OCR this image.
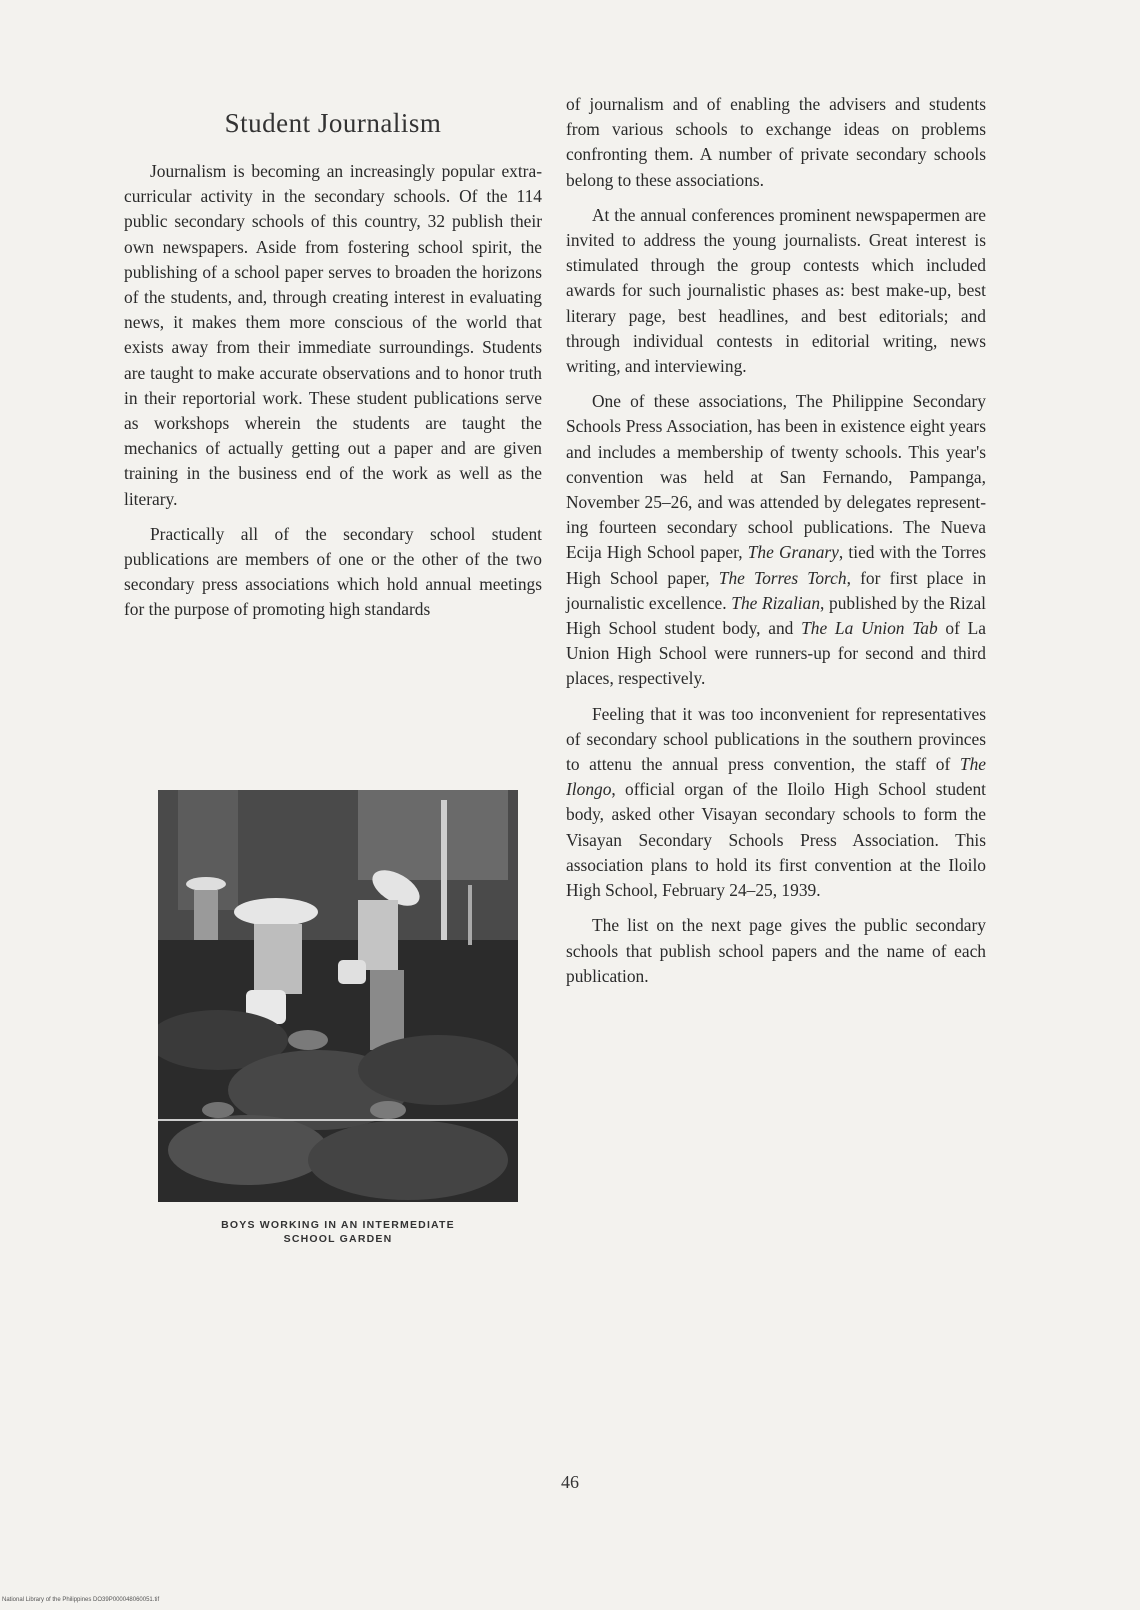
Student Journalism

Journalism is becoming an increasingly popular extra-curricular activity in the secondary schools. Of the 114 public secondary schools of this country, 32 publish their own newspapers. Aside from fostering school spirit, the publishing of a school paper serves to broaden the horizons of the students, and, through creating interest in evaluating news, it makes them more conscious of the world that exists away from their immediate surroundings. Students are taught to make accurate observations and to honor truth in their reportorial work. These student publications serve as workshops wherein the students are taught the mechanics of actually getting out a paper and are given training in the business end of the work as well as the literary.

Practically all of the secondary school student publications are members of one or the other of the two secondary press associations which hold annual meetings for the purpose of promoting high standards

of journalism and of enabling the advisers and students from various schools to exchange ideas on problems confronting them. A number of private secondary schools belong to these associations.

At the annual conferences prominent newspapermen are invited to address the young journalists. Great interest is stimulated through the group contests which included awards for such journalistic phases as: best make-up, best literary page, best headlines, and best editorials; and through individual contests in editorial writing, news writing, and interviewing.

One of these associations, The Philippine Secondary Schools Press Association, has been in existence eight years and includes a membership of twenty schools. This year's convention was held at San Fernando, Pampanga, November 25–26, and was attended by delegates representing fourteen secondary school publications. The Nueva Ecija High School paper, The Granary, tied with the Torres High School paper, The Torres Torch, for first place in journalistic excellence. The Rizalian, published by the Rizal High School student body, and The La Union Tab of La Union High School were runners-up for second and third places, respectively.

Feeling that it was too inconvenient for representatives of secondary school publications in the southern provinces to attenu the annual press convention, the staff of The Ilongo, official organ of the Iloilo High School student body, asked other Visayan secondary schools to form the Visayan Secondary Schools Press Association. This association plans to hold its first convention at the Iloilo High School, February 24–25, 1939.

The list on the next page gives the public secondary schools that publish school papers and the name of each publication.

BOYS WORKING IN AN INTERMEDIATE
SCHOOL GARDEN
46
National Library of the Philippines DO39P000048060051.tif
